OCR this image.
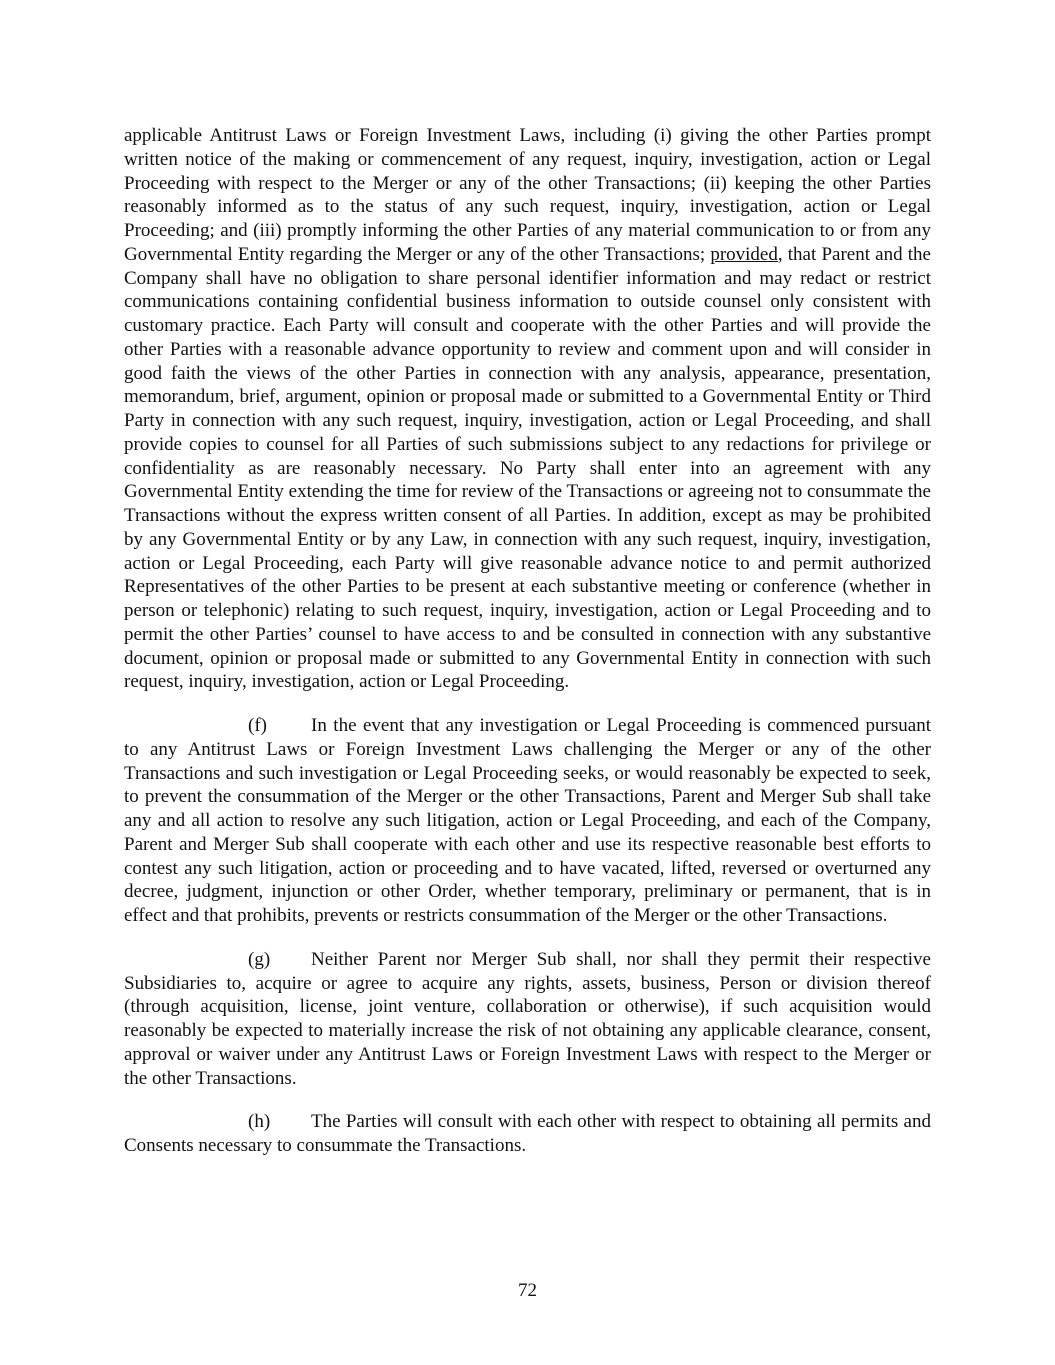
applicable Antitrust Laws or Foreign Investment Laws, including (i) giving the other Parties prompt written notice of the making or commencement of any request, inquiry, investigation, action or Legal Proceeding with respect to the Merger or any of the other Transactions; (ii) keeping the other Parties reasonably informed as to the status of any such request, inquiry, investigation, action or Legal Proceeding; and (iii) promptly informing the other Parties of any material communication to or from any Governmental Entity regarding the Merger or any of the other Transactions; provided, that Parent and the Company shall have no obligation to share personal identifier information and may redact or restrict communications containing confidential business information to outside counsel only consistent with customary practice. Each Party will consult and cooperate with the other Parties and will provide the other Parties with a reasonable advance opportunity to review and comment upon and will consider in good faith the views of the other Parties in connection with any analysis, appearance, presentation, memorandum, brief, argument, opinion or proposal made or submitted to a Governmental Entity or Third Party in connection with any such request, inquiry, investigation, action or Legal Proceeding, and shall provide copies to counsel for all Parties of such submissions subject to any redactions for privilege or confidentiality as are reasonably necessary. No Party shall enter into an agreement with any Governmental Entity extending the time for review of the Transactions or agreeing not to consummate the Transactions without the express written consent of all Parties. In addition, except as may be prohibited by any Governmental Entity or by any Law, in connection with any such request, inquiry, investigation, action or Legal Proceeding, each Party will give reasonable advance notice to and permit authorized Representatives of the other Parties to be present at each substantive meeting or conference (whether in person or telephonic) relating to such request, inquiry, investigation, action or Legal Proceeding and to permit the other Parties’ counsel to have access to and be consulted in connection with any substantive document, opinion or proposal made or submitted to any Governmental Entity in connection with such request, inquiry, investigation, action or Legal Proceeding.

(f) In the event that any investigation or Legal Proceeding is commenced pursuant to any Antitrust Laws or Foreign Investment Laws challenging the Merger or any of the other Transactions and such investigation or Legal Proceeding seeks, or would reasonably be expected to seek, to prevent the consummation of the Merger or the other Transactions, Parent and Merger Sub shall take any and all action to resolve any such litigation, action or Legal Proceeding, and each of the Company, Parent and Merger Sub shall cooperate with each other and use its respective reasonable best efforts to contest any such litigation, action or proceeding and to have vacated, lifted, reversed or overturned any decree, judgment, injunction or other Order, whether temporary, preliminary or permanent, that is in effect and that prohibits, prevents or restricts consummation of the Merger or the other Transactions.

(g) Neither Parent nor Merger Sub shall, nor shall they permit their respective Subsidiaries to, acquire or agree to acquire any rights, assets, business, Person or division thereof (through acquisition, license, joint venture, collaboration or otherwise), if such acquisition would reasonably be expected to materially increase the risk of not obtaining any applicable clearance, consent, approval or waiver under any Antitrust Laws or Foreign Investment Laws with respect to the Merger or the other Transactions.

(h) The Parties will consult with each other with respect to obtaining all permits and Consents necessary to consummate the Transactions.

72
